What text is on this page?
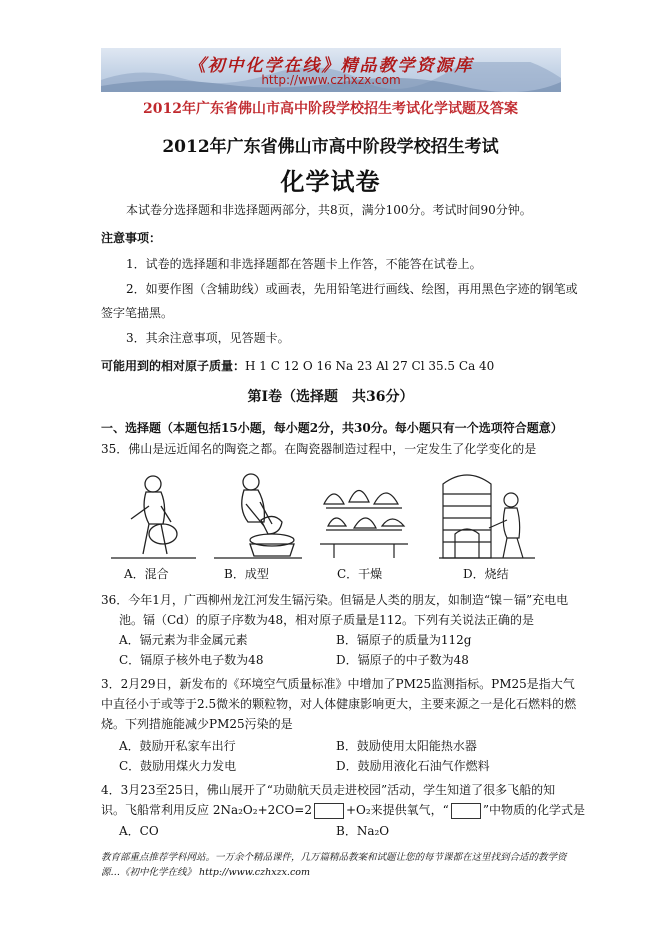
《初中化学在线》精品教学资源库
http://www.czhxzx.com
2012年广东省佛山市高中阶段学校招生考试化学试题及答案
2012年广东省佛山市高中阶段学校招生考试
化学试卷
本试卷分选择题和非选择题两部分，共8页，满分100分。考试时间90分钟。
注意事项：
1．试卷的选择题和非选择题都在答题卡上作答，不能答在试卷上。
2．如要作图（含辅助线）或画表，先用铅笔进行画线、绘图，再用黑色字迹的钢笔或
签字笔描黑。
3．其余注意事项，见答题卡。
可能用到的相对原子质量：H 1 C 12 O 16 Na 23 Al 27 Cl 35.5 Ca 40
第Ⅰ卷（选择题　共36分）
一、选择题（本题包括15小题，每小题2分，共30分。每小题只有一个选项符合题意）
35．佛山是远近闻名的陶瓷之都。在陶瓷器制造过程中，一定发生了化学变化的是
A．混合	B．成型	C．干燥	D．烧结
36．今年1月，广西柳州龙江河发生镉污染。但镉是人类的朋友，如制造“镍－镉”充电电
池。镉（Cd）的原子序数为48，相对原子质量是112。下列有关说法正确的是
A．镉元素为非金属元素	B．镉原子的质量为112g
C．镉原子核外电子数为48	D．镉原子的中子数为48
3．2月29日，新发布的《环境空气质量标准》中增加了PM25监测指标。PM25是指大气
中直径小于或等于2.5微米的颗粒物，对人体健康影响更大，主要来源之一是化石燃料的燃
烧。下列措施能减少PM25污染的是
A．鼓励开私家车出行	B．鼓励使用太阳能热水器
C．鼓励用煤火力发电	D．鼓励用液化石油气作燃料
4．3月23至25日，佛山展开了“功勋航天员走进校园”活动，学生知道了很多飞船的知
识。飞船常利用反应 2Na₂O₂+2CO=2	+O₂来提供氧气，“	”中物质的化学式是
A．CO	B．Na₂O
教育部重点推荐学科网站。一万余个精品课件，几万篇精品教案和试题让您的每节课都在这里找到合适的教学资源…《初中化学在线》 http://www.czhxzx.com
